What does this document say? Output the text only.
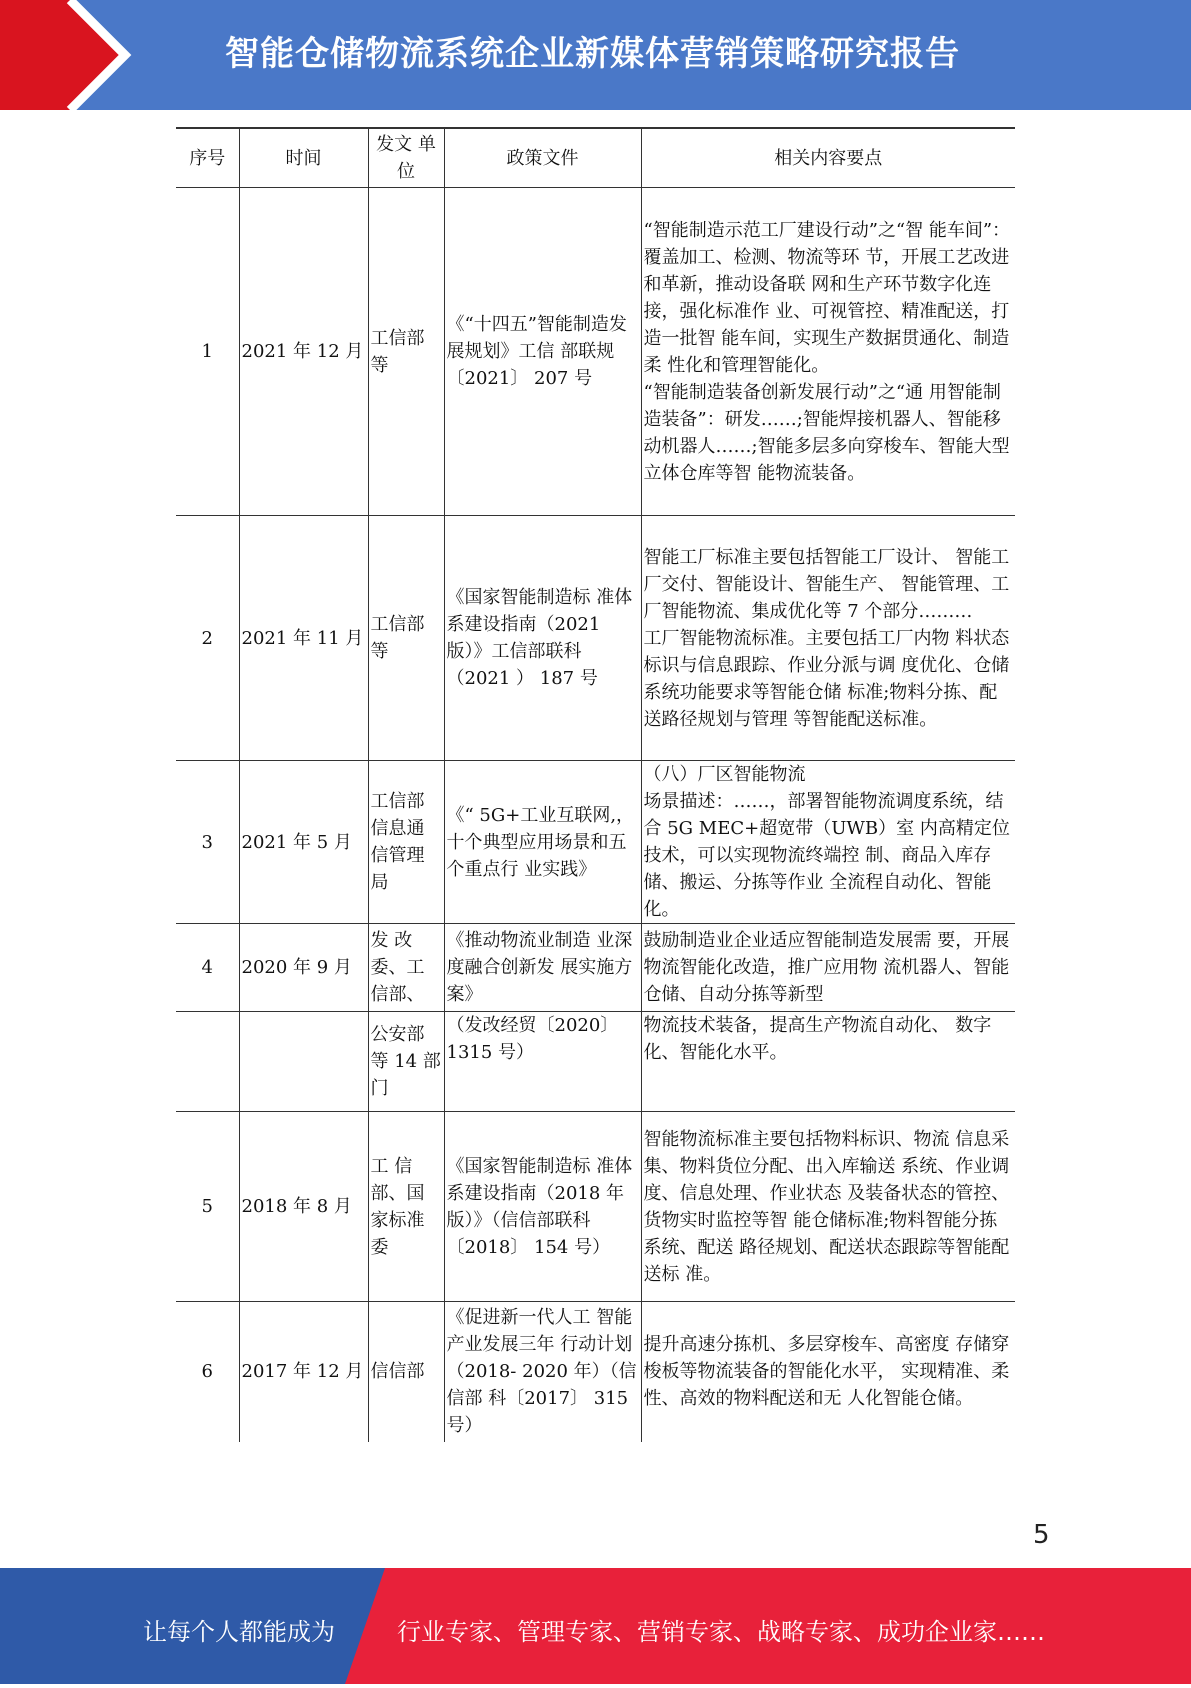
智能仓储物流系统企业新媒体营销策略研究报告
序号	时间	发文 单位	政策文件	相关内容要点
1	2021 年 12 月	工信部等	《“十四五”智能制造发展规划》工信 部联规〔2021〕 207 号	“智能制造示范工厂建设行动”之“智 能车间”：覆盖加工、检测、物流等环 节，开展工艺改进和革新，推动设备联 网和生产环节数字化连接，强化标准作 业、可视管控、精准配送，打造一批智 能车间，实现生产数据贯通化、制造柔 性化和管理智能化。

“智能制造装备创新发展行动”之“通 用智能制造装备”：研发……;智能焊接机器人、智能移动机器人……;智能多层多向穿梭车、智能大型立体仓库等智 能物流装备。

2	2021 年 11 月	工信部等	《国家智能制造标 准体系建设指南（2021 版）》工信部联科（2021 ） 187 号	智能工厂标准主要包括智能工厂设计、 智能工厂交付、智能设计、智能生产、 智能管理、工厂智能物流、集成优化等 7 个部分………

工厂智能物流标准。主要包括工厂内物 料状态标识与信息跟踪、作业分派与调 度优化、仓储系统功能要求等智能仓储 标准;物料分拣、配送路径规划与管理 等智能配送标准。

3	2021 年 5 月	工信部信息通信管理局	《“ 5G+工业互联网,，十个典型应用场景和五个重点行 业实践》	（八）厂区智能物流

场景描述：……，部署智能物流调度系统，结合 5G MEC+超宽带（UWB）室 内高精定位技术，可以实现物流终端控 制、商品入库存储、搬运、分拣等作业 全流程自动化、智能化。

4	2020 年 9 月	发 改委、工信部、	《推动物流业制造 业深度融合创新发 展实施方案》	鼓励制造业企业适应智能制造发展需 要，开展物流智能化改造，推广应用物 流机器人、智能仓储、自动分拣等新型

		公安部等 14 部门	（发改经贸〔2020〕 1315 号）	物流技术装备，提高生产物流自动化、 数字化、智能化水平。

5	2018 年 8 月	工 信部、国家标准委	《国家智能制造标 准体系建设指南（2018 年版）》（信信部联科〔2018〕 154 号）	智能物流标准主要包括物料标识、物流 信息采集、物料货位分配、出入库输送 系统、作业调度、信息处理、作业状态 及装备状态的管控、货物实时监控等智 能仓储标准;物料智能分拣系统、配送 路径规划、配送状态跟踪等智能配送标 准。

6	2017 年 12 月	信信部	《促进新一代人工 智能产业发展三年 行动计划（2018- 2020 年）（信信部 科〔2017〕 315 号）	提升高速分拣机、多层穿梭车、高密度 存储穿梭板等物流装备的智能化水平， 实现精准、柔性、高效的物料配送和无 人化智能仓储。

5
让每个人都能成为	行业专家、管理专家、营销专家、战略专家、成功企业家……
